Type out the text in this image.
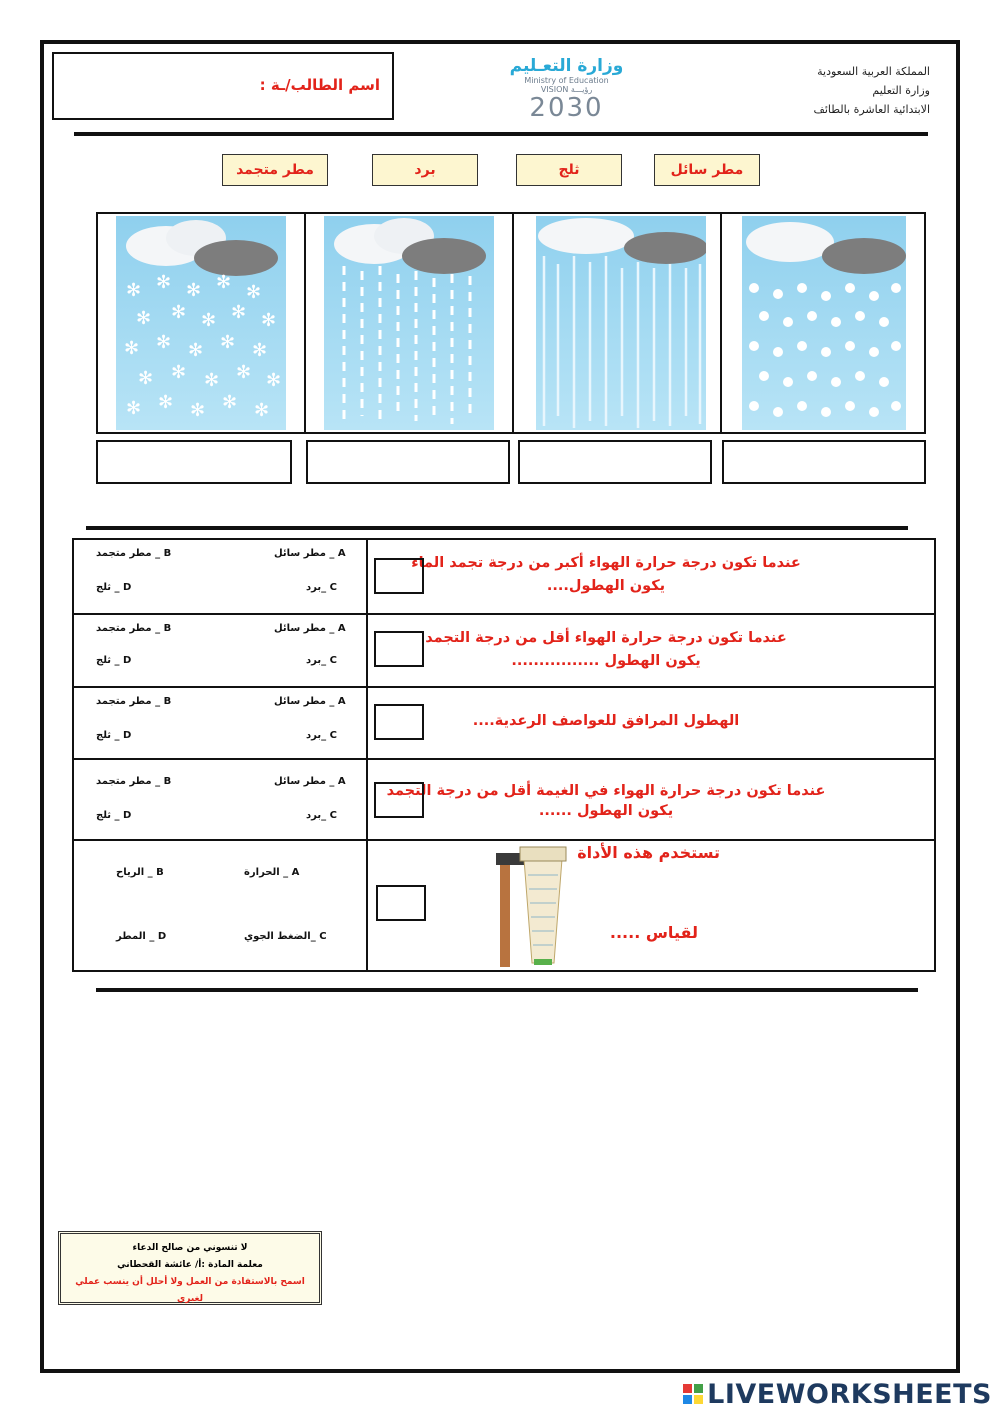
اسم الطالب/ـة :
وزارة التعـليم
Ministry of Education
VISION رؤيـــة
2030
المملكة العربية السعودية
وزارة التعليم
الابتدائية العاشرة بالطائف
مطر سائل
ثلج
برد
مطر متجمد
✻ ✻ ✻ ✻ ✻
✻ ✻ ✻ ✻ ✻
✻ ✻ ✻ ✻ ✻
✻ ✻ ✻ ✻ ✻
✻ ✻ ✻ ✻ ✻
عندما تكون درجة حرارة الهواء أكبر من درجة تجمد الماء
يكون الهطول....
A _ مطر سائل
B _ مطر متجمد
C _برد
D _ ثلج
عندما تكون درجة حرارة الهواء أقل من درجة التجمد
يكون الهطول ................
A _ مطر سائل
B _ مطر متجمد
C _برد
D _ ثلج
الهطول المرافق للعواصف الرعدية....
A _ مطر سائل
B _ مطر متجمد
C _برد
D _ ثلج
عندما تكون درجة حرارة الهواء في الغيمة أقل من درجة التجمد
يكون الهطول ......
A _ مطر سائل
B _ مطر متجمد
C _برد
D _ ثلج
تستخدم هذه الأداة
لقياس .....
A _ الحرارة
B _ الرياح
C _الضغط الجوي
D _ المطر
لا تنسوني من صالح الدعاء
معلمة المادة :أ/ عائشة القحطاني
اسمح بالاستفادة من العمل ولا أحلل أن ينسب عملي لغيري
LIVEWORKSHEETS
